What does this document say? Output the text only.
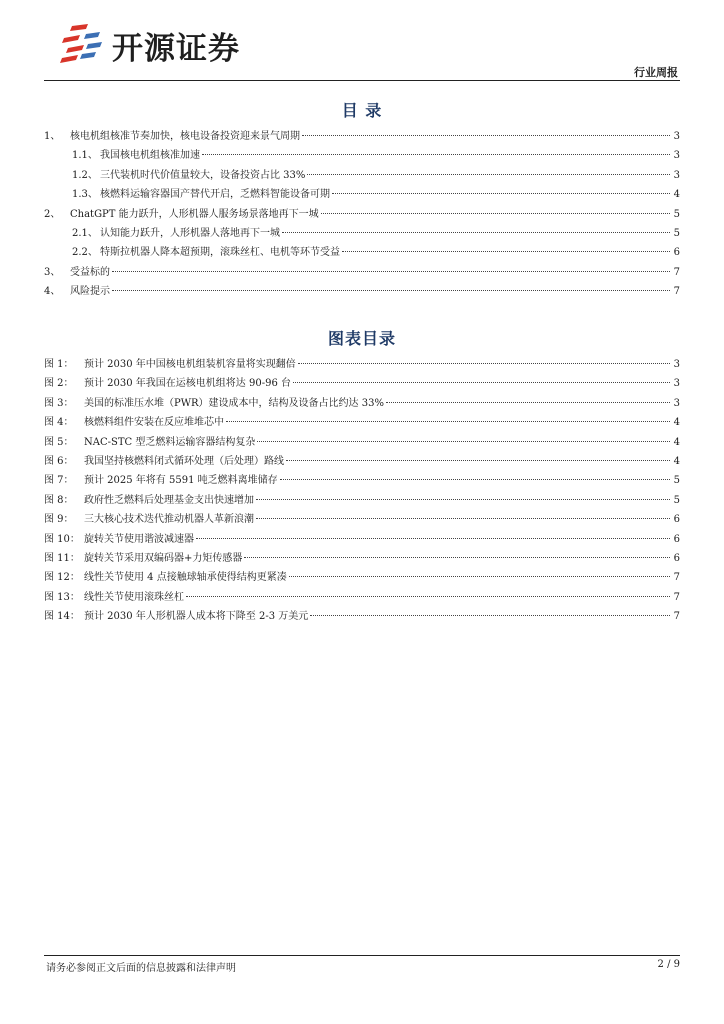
开源证券
行业周报
目 录
1、 核电机组核准节奏加快，核电设备投资迎来景气周期	3
1.1、 我国核电机组核准加速	3
1.2、 三代装机时代价值量较大，设备投资占比 33%	3
1.3、 核燃料运输容器国产替代开启，乏燃料智能设备可期	4
2、 ChatGPT 能力跃升，人形机器人服务场景落地再下一城	5
2.1、 认知能力跃升，人形机器人落地再下一城	5
2.2、 特斯拉机器人降本超预期，滚珠丝杠、电机等环节受益	6
3、 受益标的	7
4、 风险提示	7
图表目录
图 1：	预计 2030 年中国核电机组装机容量将实现翻倍	3
图 2：	预计 2030 年我国在运核电机组将达 90-96 台	3
图 3：	美国的标准压水堆（PWR）建设成本中，结构及设备占比约达 33%	3
图 4：	核燃料组件安装在反应堆堆芯中	4
图 5：	NAC-STC 型乏燃料运输容器结构复杂	4
图 6：	我国坚持核燃料闭式循环处理（后处理）路线	4
图 7：	预计 2025 年将有 5591 吨乏燃料离堆储存	5
图 8：	政府性乏燃料后处理基金支出快速增加	5
图 9：	三大核心技术迭代推动机器人革新浪潮	6
图 10： 旋转关节使用谐波减速器	6
图 11： 旋转关节采用双编码器+力矩传感器	6
图 12： 线性关节使用 4 点接触球轴承使得结构更紧凑	7
图 13： 线性关节使用滚珠丝杠	7
图 14： 预计 2030 年人形机器人成本将下降至 2-3 万美元	7
请务必参阅正文后面的信息披露和法律声明	2 / 9
